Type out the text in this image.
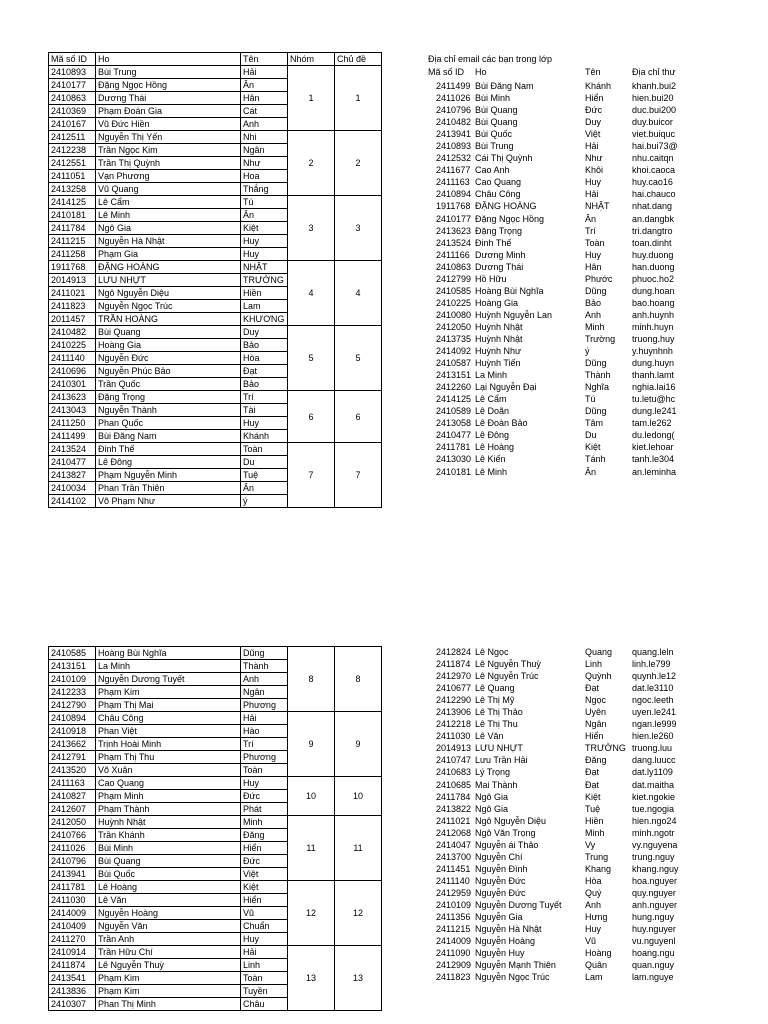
Mã số ID	Ho	Tên	Nhóm	Chủ đề
2410893	Bùi Trung	Hải	1	1
2410177	Đặng Ngọc Hồng	Ân		
2410863	Dương Thái	Hân		
2410369	Phạm Đoàn Gia	Cát		
2410167	Vũ Đức Hiền	Anh		
2412511	Nguyễn Thị Yến	Nhi	2	2
2412238	Trần Ngọc Kim	Ngân		
2412551	Trần Thị Quỳnh	Như		
2411051	Vạn Phương	Hoa		
2413258	Vũ Quang	Thắng		
2414125	Lê Cẩm	Tú	3	3
2410181	Lê Minh	Ân		
2411784	Ngô Gia	Kiệt		
2411215	Nguyễn Hà Nhật	Huy		
2411258	Phạm Gia	Huy		
1911768	ĐẶNG HOÀNG	NHẬT	4	4
2014913	LƯU NHỰT	TRƯỜNG		
2411021	Ngô Nguyễn Diệu	Hiền		
2411823	Nguyễn Ngọc Trúc	Lam		
2011457	TRẦN HOÀNG	KHƯƠNG		
2410482	Bùi Quang	Duy	5	5
2410225	Hoàng Gia	Bảo		
2411140	Nguyễn Đức	Hòa		
2410696	Nguyễn Phúc Bảo	Đạt		
2410301	Trần Quốc	Bảo		
2413623	Đặng Trọng	Trí	6	6
2413043	Nguyễn Thành	Tài		
2411250	Phan Quốc	Huy		
2411499	Bùi Đăng Nam	Khánh		
2413524	Đinh Thế	Toàn	7	7
2410477	Lê Đông	Du		
2413827	Phạm Nguyễn Minh	Tuệ		
2410034	Phan Trần Thiên	Ân		
2414102	Võ Phạm Như	ý		
2410585	Hoàng Bùi Nghĩa	Dũng	8	8
2413151	La Minh	Thành		
2410109	Nguyễn Dương Tuyết	Anh		
2412233	Phạm Kim	Ngân		
2412790	Phạm Thị Mai	Phương		
2410894	Châu Công	Hải	9	9
2410918	Phan Việt	Hào		
2413662	Trịnh Hoài Minh	Trí		
2412791	Phạm Thị Thu	Phương		
2413520	Võ Xuân	Toàn		
2411163	Cao Quang	Huy	10	10
2410827	Phạm Minh	Đức		
2412607	Phạm Thành	Phát		
2412050	Huỳnh Nhật	Minh	11	11
2410766	Trần Khánh	Đăng		
2411026	Bùi Minh	Hiển		
2410796	Bùi Quang	Đức		
2413941	Bùi Quốc	Việt		
2411781	Lê Hoàng	Kiệt	12	12
2411030	Lê Văn	Hiển		
2414009	Nguyễn Hoàng	Vũ		
2410409	Nguyễn Văn	Chuẩn		
2411270	Trần Anh	Huy		
2410914	Trần Hữu Chí	Hải	13	13
2411874	Lê Nguyễn Thuỳ	Linh		
2413541	Phạm Kim	Toàn		
2413836	Phạm Kim	Tuyền		
2410307	Phan Thị Minh	Châu		
Địa chỉ email các bạn trong lớp
Mã số ID Ho	Tên	Địa chỉ thư
2411499 Bùi Đăng Nam	Khánh	khanh.bui2
2411026 Bùi Minh	Hiển	hien.bui20
2410796 Bùi Quang	Đức	duc.bui200
2410482 Bùi Quang	Duy	duy.buicor
2413941 Bùi Quốc	Việt	viet.buiquc
2410893 Bùi Trung	Hải	hai.bui73@
2412532 Cái Thị Quỳnh	Như	nhu.caitqn
2411677 Cao Anh	Khôi	khoi.caoca
2411163 Cao Quang	Huy	huy.cao16
2410894 Châu Công	Hải	hai.chauco
1911768 ĐẶNG HOÀNG	NHẬT	nhat.dang
2410177 Đặng Ngọc Hồng	Ân	an.dangbk
2413623 Đặng Trọng	Trí	tri.dangtro
2413524 Đinh Thế	Toàn	toan.dinht
2411166 Dương Minh	Huy	huy.duong
2410863 Dương Thái	Hân	han.duong
2412799 Hồ Hữu	Phước	phuoc.ho2
2410585 Hoàng Bùi Nghĩa	Dũng	dung.hoan
2410225 Hoàng Gia	Bảo	bao.hoang
2410080 Huỳnh Nguyễn Lan	Anh	anh.huynh
2412050 Huỳnh Nhật	Minh	minh.huyn
2413735 Huỳnh Nhật	Trường	truong.huy
2414092 Huỳnh Như	ý	y.huynhnh
2410587 Huỳnh Tiến	Dũng	dung.huyn
2413151 La Minh	Thành	thanh.lamt
2412260 Lại Nguyễn Đại	Nghĩa	nghia.lai16
2414125 Lê Cẩm	Tú	tu.letu@hc
2410589 Lê Doãn	Dũng	dung.le241
2413058 Lê Đoàn Bảo	Tâm	tam.le262
2410477 Lê Đông	Du	du.ledong(
2411781 Lê Hoàng	Kiệt	kiet.lehoar
2413030 Lê Kiến	Tánh	tanh.le304
2410181 Lê Minh	Ân	an.leminha
2412824 Lê Ngọc	Quang	quang.leln
2411874 Lê Nguyễn Thuỳ	Linh	linh.le799
2412970 Lê Nguyễn Trúc	Quỳnh	quynh.le12
2410677 Lê Quang	Đạt	dat.le3110
2412290 Lê Thị Mỹ	Ngọc	ngoc.leeth
2413906 Lê Thị Thảo	Uyên	uyen.le241
2412218 Lê Thị Thu	Ngân	ngan.le999
2411030 Lê Văn	Hiển	hien.le260
2014913 LƯU NHỰT	TRƯỜNG truong.luu
2410747 Lưu Trần Hải	Đăng	dang.luucc
2410683 Lý Trọng	Đạt	dat.ly1109
2410685 Mai Thành	Đạt	dat.maitha
2411784 Ngô Gia	Kiệt	kiet.ngokie
2413822 Ngô Gia	Tuệ	tue.ngogia
2411021 Ngô Nguyễn Diệu	Hiền	hien.ngo24
2412068 Ngô Văn Trọng	Minh	minh.ngotr
2414047 Nguyễn ái Thảo	Vy	vy.nguyena
2413700 Nguyễn Chí	Trung	trung.nguy
2411451 Nguyễn Đình	Khang	khang.nguy
2411140 Nguyễn Đức	Hòa	hoa.nguyer
2412959 Nguyễn Đức	Quý	quy.nguyer
2410109 Nguyễn Dương Tuyết	Anh	anh.nguyer
2411356 Nguyễn Gia	Hưng	hung.nguy
2411215 Nguyễn Hà Nhật	Huy	huy.nguyer
2414009 Nguyễn Hoàng	Vũ	vu.nguyenl
2411090 Nguyễn Huy	Hoàng	hoang.ngu
2412909 Nguyễn Mạnh Thiên	Quân	quan.nguy
2411823 Nguyễn Ngọc Trúc	Lam	lam.nguye
